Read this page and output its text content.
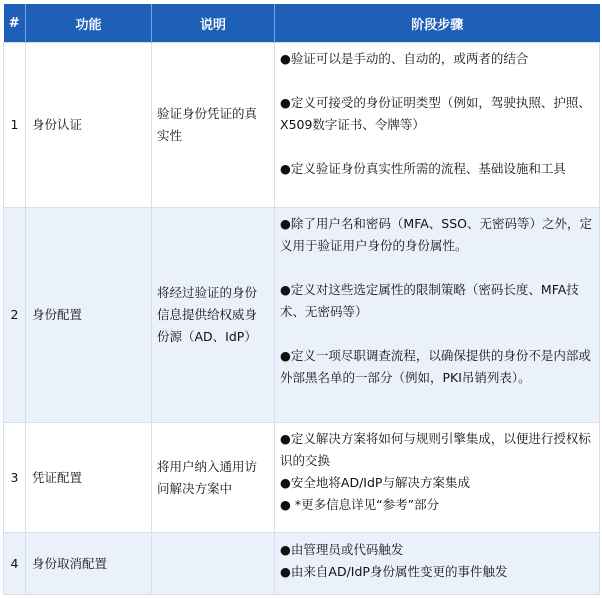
#	功能	说明	阶段步骤
1	身份认证	验证身份凭证的真实性	●验证可以是手动的、自动的，或两者的结合
●定义可接受的身份证明类型（例如，驾驶执照、护照、X509数字证书、令牌等）
●定义验证身份真实性所需的流程、基础设施和工具

2	身份配置	将经过验证的身份信息提供给权威身份源（AD、IdP）	●除了用户名和密码（MFA、SSO、无密码等）之外，定义用于验证用户身份的身份属性。
●定义对这些选定属性的限制策略（密码长度、MFA技术、无密码等）
●定义一项尽职调查流程，以确保提供的身份不是内部或外部黑名单的一部分（例如，PKI吊销列表）。

3	凭证配置	将用户纳入通用访问解决方案中	●定义解决方案将如何与规则引擎集成，以便进行授权标识的交换
●安全地将AD/IdP与解决方案集成
● *更多信息详见“参考”部分

4	身份取消配置		●由管理员或代码触发
●由来自AD/IdP身份属性变更的事件触发
